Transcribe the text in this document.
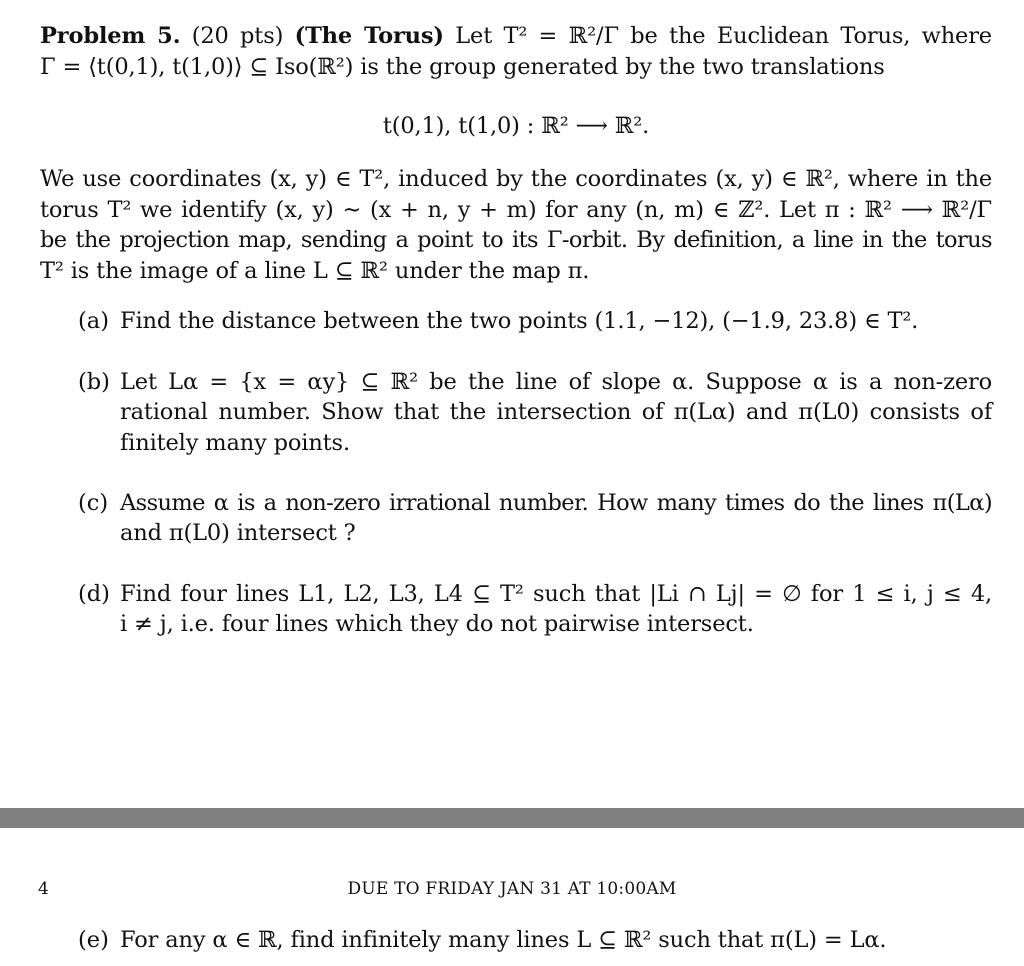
Problem 5. (20 pts) (The Torus) Let T² = ℝ²/Γ be the Euclidean Torus, where
Γ = ⟨t(0,1), t(1,0)⟩ ⊆ Iso(ℝ²) is the group generated by the two translations
t(0,1), t(1,0) : ℝ² ⟶ ℝ².
We use coordinates (x, y) ∈ T², induced by the coordinates (x, y) ∈ ℝ², where in the
torus T² we identify (x, y) ∼ (x + n, y + m) for any (n, m) ∈ ℤ². Let π : ℝ² ⟶ ℝ²/Γ
be the projection map, sending a point to its Γ-orbit. By definition, a line in the torus
T² is the image of a line L ⊆ ℝ² under the map π.
(a) Find the distance between the two points (1.1, −12), (−1.9, 23.8) ∈ T².
(b) Let Lα = {x = αy} ⊆ ℝ² be the line of slope α. Suppose α is a non-zero
rational number. Show that the intersection of π(Lα) and π(L0) consists of
finitely many points.
(c) Assume α is a non-zero irrational number. How many times do the lines π(Lα)
and π(L0) intersect ?
(d) Find four lines L1, L2, L3, L4 ⊆ T² such that |Li ∩ Lj| = ∅ for 1 ≤ i, j ≤ 4,
i ≠ j, i.e. four lines which they do not pairwise intersect.
4	DUE TO FRIDAY JAN 31 AT 10:00AM
(e) For any α ∈ ℝ, find infinitely many lines L ⊆ ℝ² such that π(L) = Lα.
